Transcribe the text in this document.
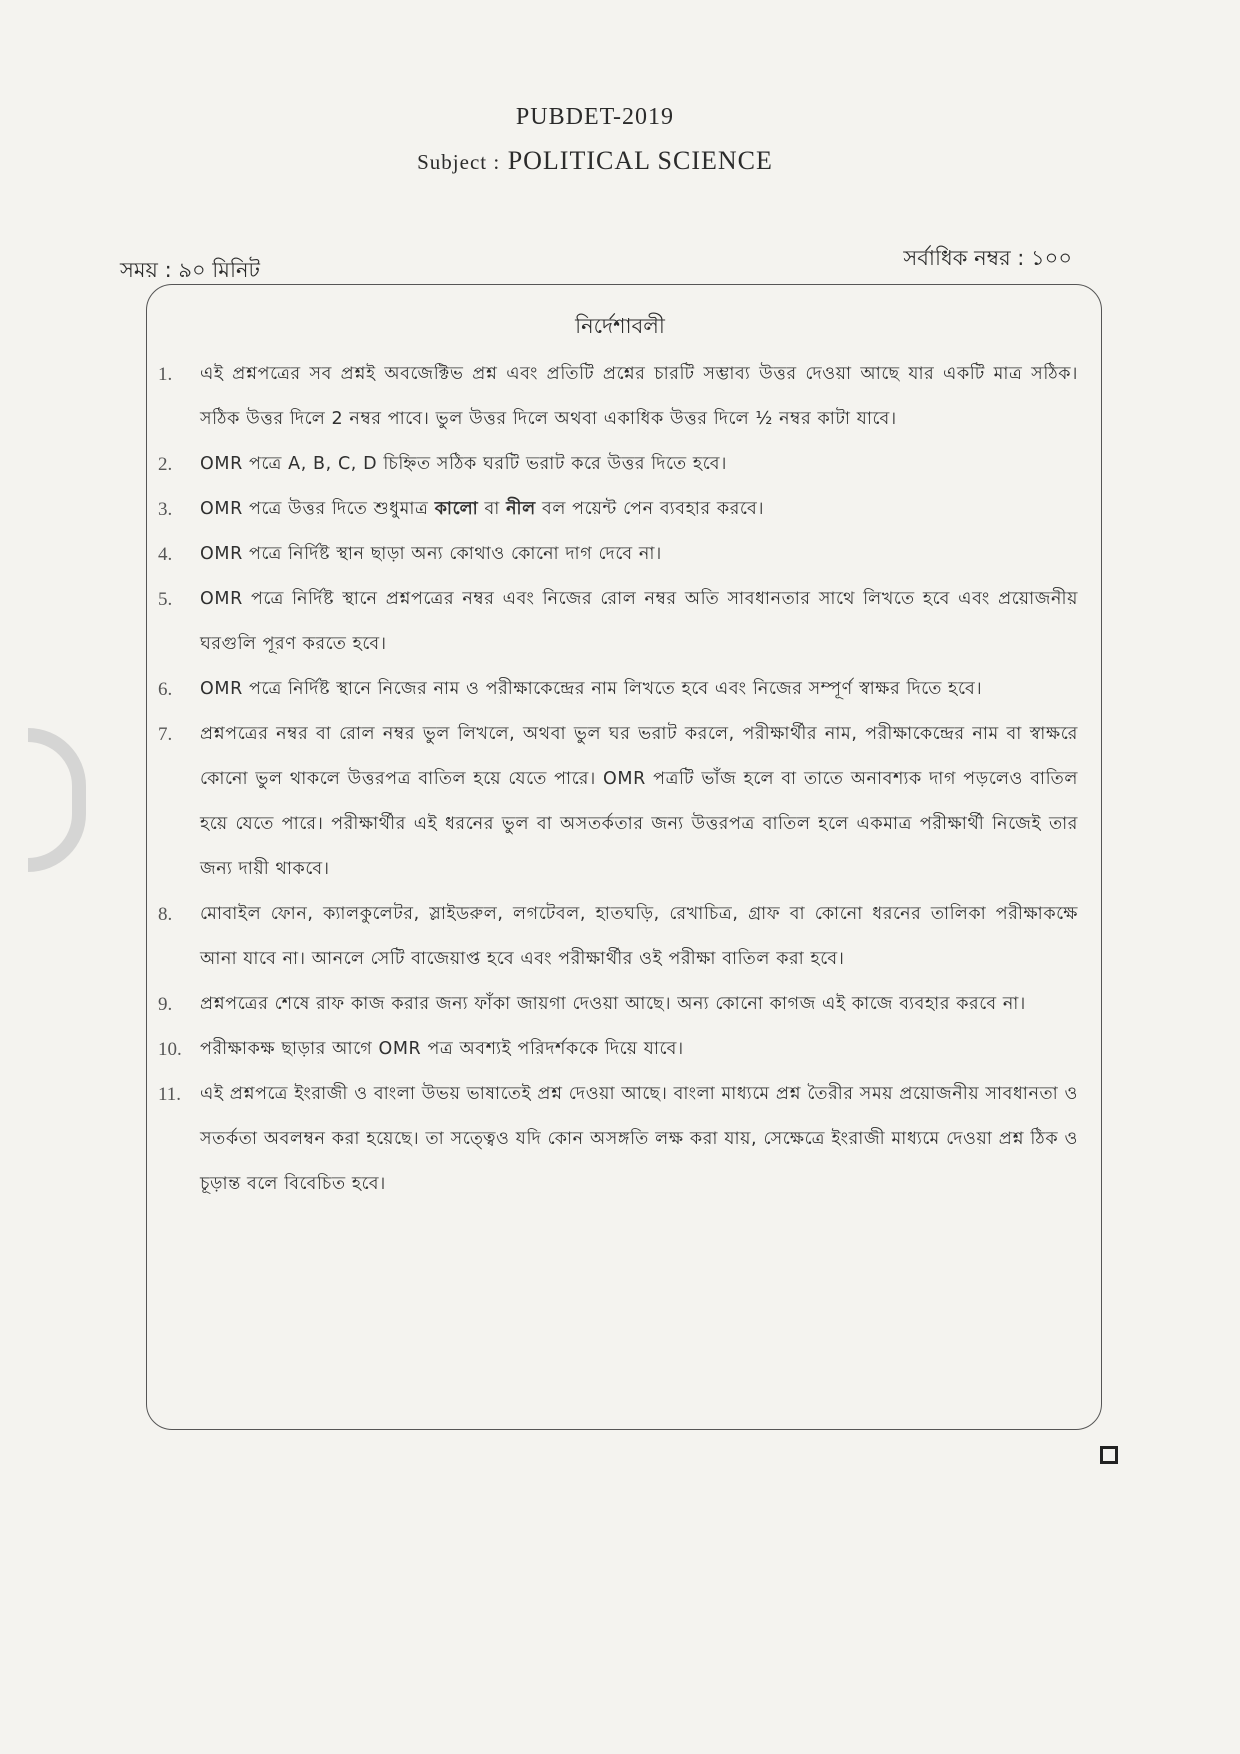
PUBDET-2019
Subject : POLITICAL SCIENCE
সময় : ৯০ মিনিট	সর্বাধিক নম্বর : ১০০
নির্দেশাবলী
1.	এই প্রশ্নপত্রের সব প্রশ্নই অবজেক্টিভ প্রশ্ন এবং প্রতিটি প্রশ্নের চারটি সম্ভাব্য উত্তর দেওয়া আছে যার একটি মাত্র সঠিক। সঠিক উত্তর দিলে 2 নম্বর পাবে। ভুল উত্তর দিলে অথবা একাধিক উত্তর দিলে ½ নম্বর কাটা যাবে।
2.	OMR পত্রে A, B, C, D চিহ্নিত সঠিক ঘরটি ভরাট করে উত্তর দিতে হবে।
3.	OMR পত্রে উত্তর দিতে শুধুমাত্র কালো বা নীল বল পয়েন্ট পেন ব্যবহার করবে।
4.	OMR পত্রে নির্দিষ্ট স্থান ছাড়া অন্য কোথাও কোনো দাগ দেবে না।
5.	OMR পত্রে নির্দিষ্ট স্থানে প্রশ্নপত্রের নম্বর এবং নিজের রোল নম্বর অতি সাবধানতার সাথে লিখতে হবে এবং প্রয়োজনীয় ঘরগুলি পূরণ করতে হবে।
6.	OMR পত্রে নির্দিষ্ট স্থানে নিজের নাম ও পরীক্ষাকেন্দ্রের নাম লিখতে হবে এবং নিজের সম্পূর্ণ স্বাক্ষর দিতে হবে।
7.	প্রশ্নপত্রের নম্বর বা রোল নম্বর ভুল লিখলে, অথবা ভুল ঘর ভরাট করলে, পরীক্ষার্থীর নাম, পরীক্ষাকেন্দ্রের নাম বা স্বাক্ষরে কোনো ভুল থাকলে উত্তরপত্র বাতিল হয়ে যেতে পারে। OMR পত্রটি ভাঁজ হলে বা তাতে অনাবশ্যক দাগ পড়লেও বাতিল হয়ে যেতে পারে। পরীক্ষার্থীর এই ধরনের ভুল বা অসতর্কতার জন্য উত্তরপত্র বাতিল হলে একমাত্র পরীক্ষার্থী নিজেই তার জন্য দায়ী থাকবে।
8.	মোবাইল ফোন, ক্যালকুলেটর, স্লাইডরুল, লগটেবল, হাতঘড়ি, রেখাচিত্র, গ্রাফ বা কোনো ধরনের তালিকা পরীক্ষাকক্ষে আনা যাবে না। আনলে সেটি বাজেয়াপ্ত হবে এবং পরীক্ষার্থীর ওই পরীক্ষা বাতিল করা হবে।
9.	প্রশ্নপত্রের শেষে রাফ কাজ করার জন্য ফাঁকা জায়গা দেওয়া আছে। অন্য কোনো কাগজ এই কাজে ব্যবহার করবে না।
10.	পরীক্ষাকক্ষ ছাড়ার আগে OMR পত্র অবশ্যই পরিদর্শককে দিয়ে যাবে।
11.	এই প্রশ্নপত্রে ইংরাজী ও বাংলা উভয় ভাষাতেই প্রশ্ন দেওয়া আছে। বাংলা মাধ্যমে প্রশ্ন তৈরীর সময় প্রয়োজনীয় সাবধানতা ও সতর্কতা অবলম্বন করা হয়েছে। তা সত্ত্বেও যদি কোন অসঙ্গতি লক্ষ করা যায়, সেক্ষেত্রে ইংরাজী মাধ্যমে দেওয়া প্রশ্ন ঠিক ও চূড়ান্ত বলে বিবেচিত হবে।
